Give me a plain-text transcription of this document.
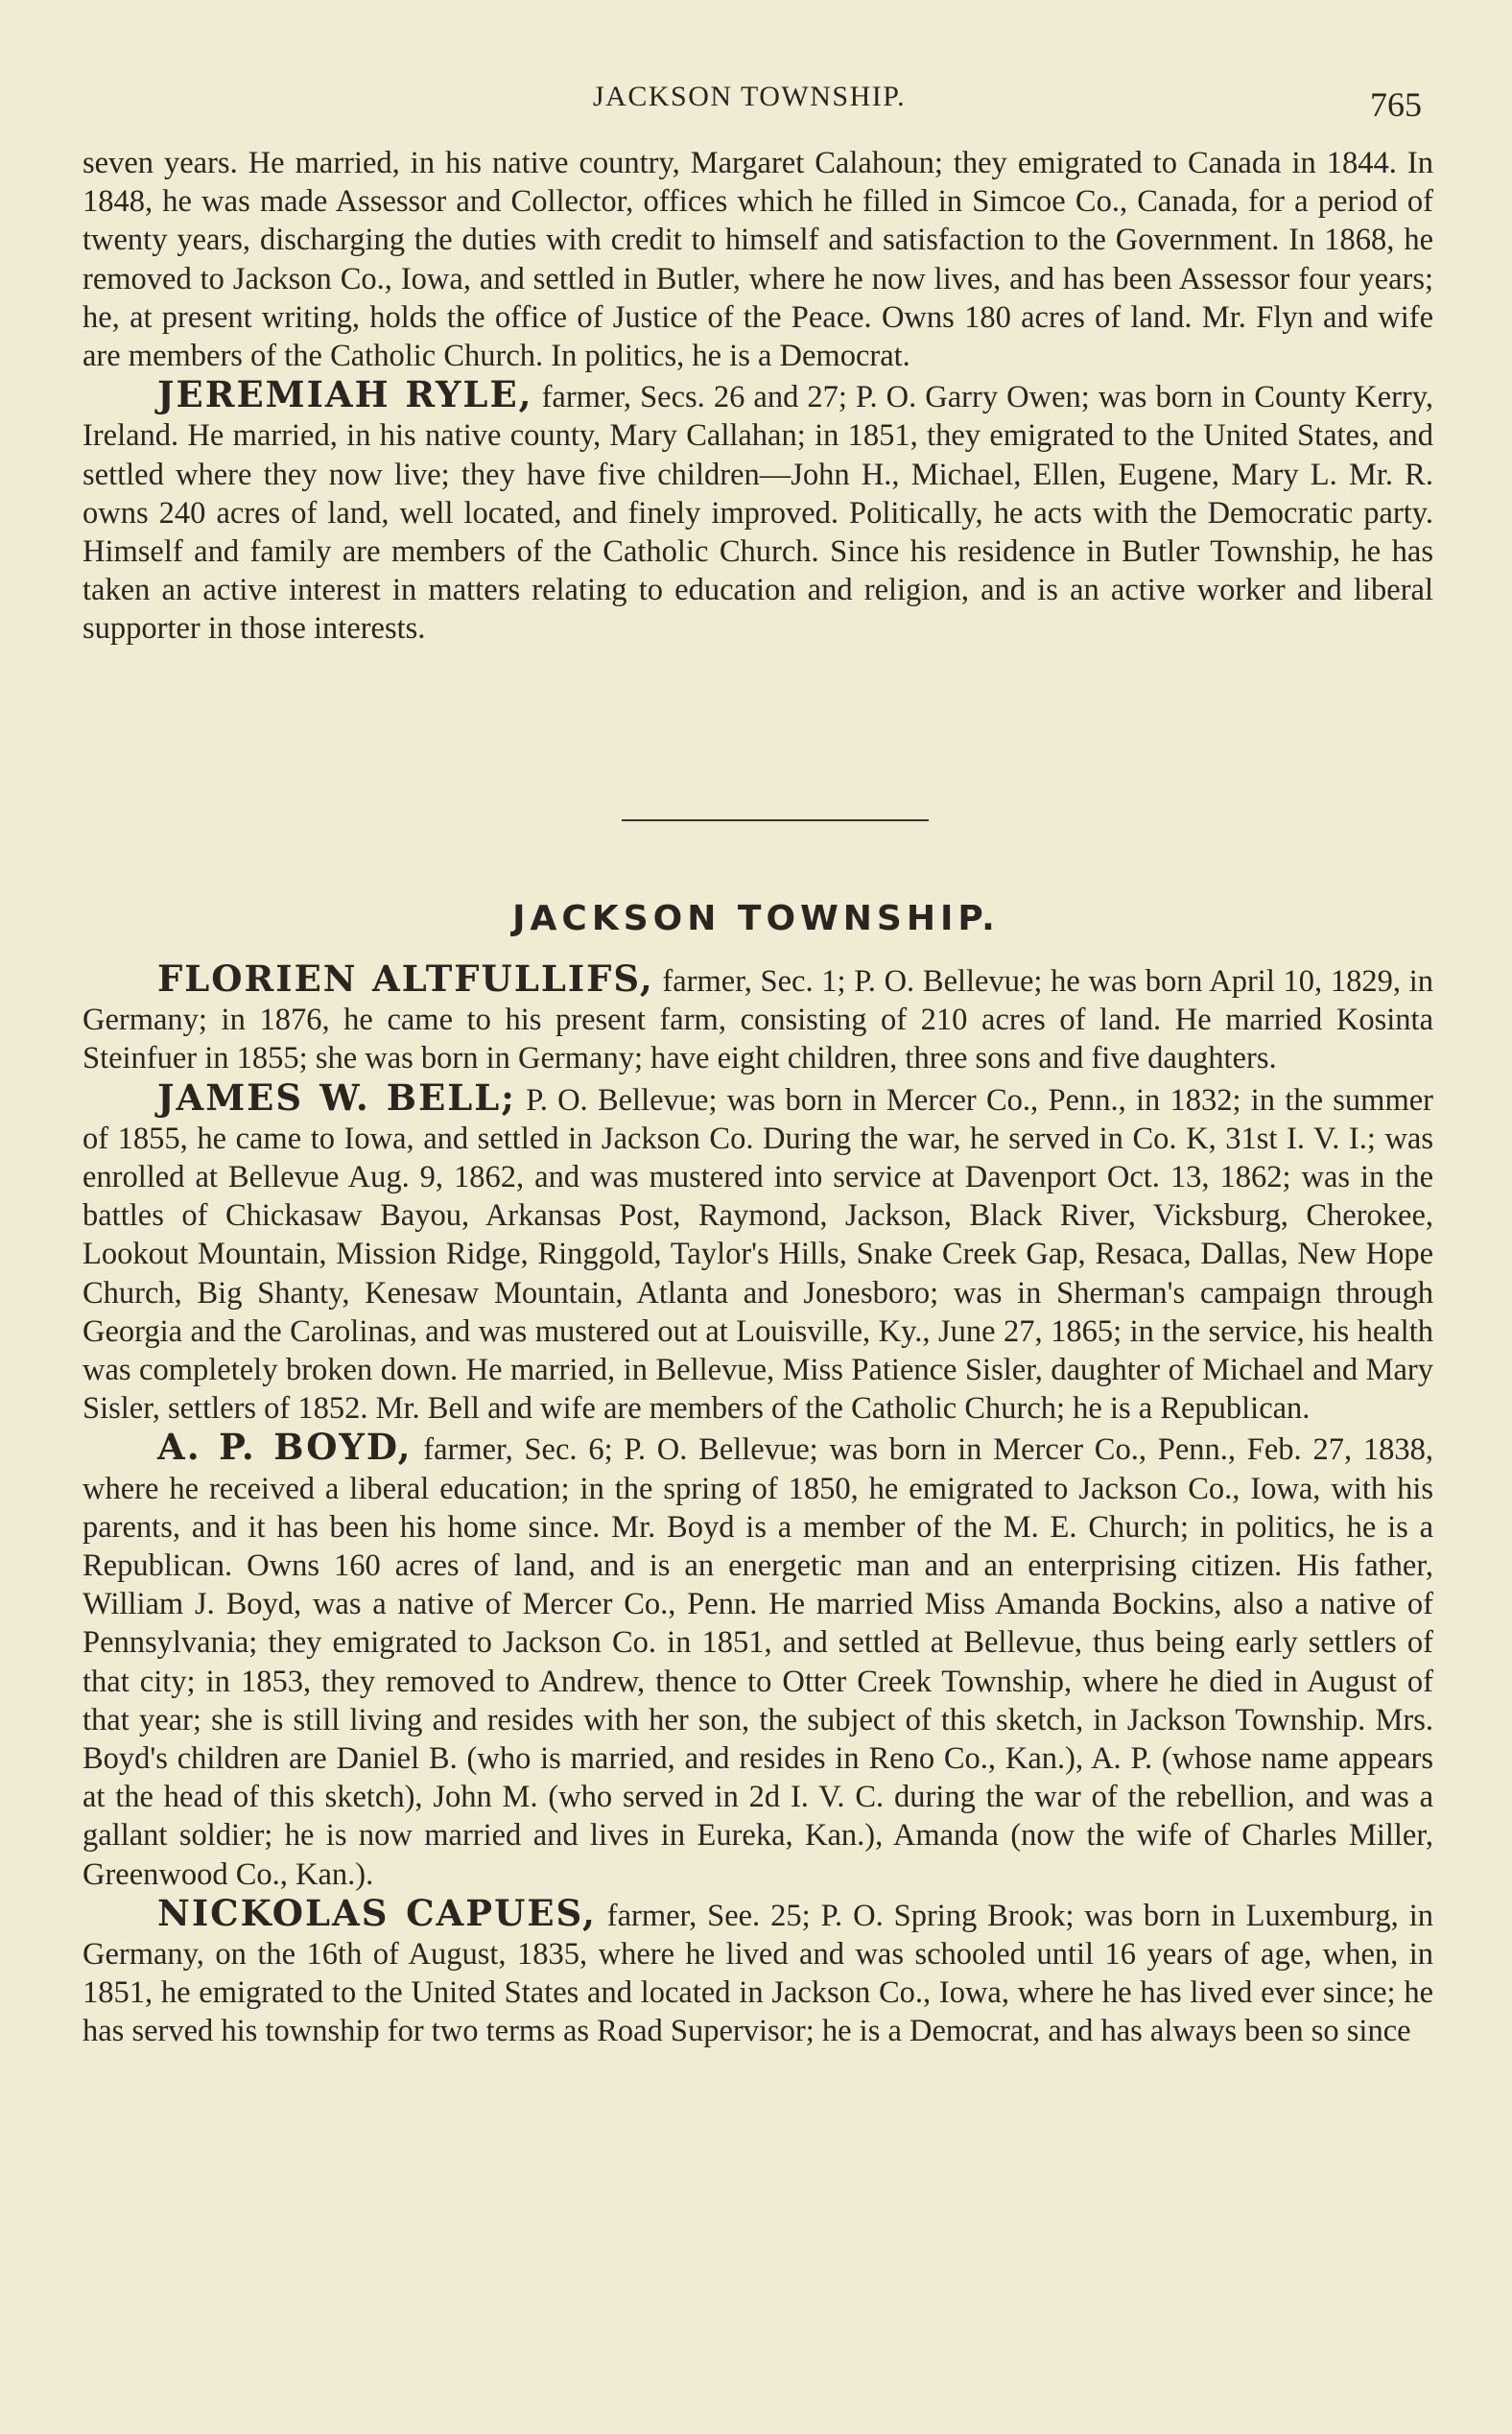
JACKSON TOWNSHIP.	765

seven years. He married, in his native country, Margaret Calahoun; they emigrated to Canada in 1844. In 1848, he was made Assessor and Collector, offices which he filled in Simcoe Co., Canada, for a period of twenty years, discharging the duties with credit to himself and satisfaction to the Government. In 1868, he removed to Jackson Co., Iowa, and settled in Butler, where he now lives, and has been Assessor four years; he, at present writing, holds the office of Justice of the Peace. Owns 180 acres of land. Mr. Flyn and wife are members of the Catholic Church. In politics, he is a Democrat.

JEREMIAH RYLE, farmer, Secs. 26 and 27; P. O. Garry Owen; was born in County Kerry, Ireland. He married, in his native county, Mary Callahan; in 1851, they emigrated to the United States, and settled where they now live; they have five children—John H., Michael, Ellen, Eugene, Mary L. Mr. R. owns 240 acres of land, well located, and finely improved. Politically, he acts with the Democratic party. Himself and family are members of the Catholic Church. Since his residence in Butler Township, he has taken an active interest in matters relating to education and religion, and is an active worker and liberal supporter in those interests.

JACKSON TOWNSHIP.

FLORIEN ALTFULLIFS, farmer, Sec. 1; P. O. Bellevue; he was born April 10, 1829, in Germany; in 1876, he came to his present farm, consisting of 210 acres of land. He married Kosinta Steinfuer in 1855; she was born in Germany; have eight children, three sons and five daughters.

JAMES W. BELL; P. O. Bellevue; was born in Mercer Co., Penn., in 1832; in the summer of 1855, he came to Iowa, and settled in Jackson Co. During the war, he served in Co. K, 31st I. V. I.; was enrolled at Bellevue Aug. 9, 1862, and was mustered into service at Davenport Oct. 13, 1862; was in the battles of Chickasaw Bayou, Arkansas Post, Raymond, Jackson, Black River, Vicksburg, Cherokee, Lookout Mountain, Mission Ridge, Ringgold, Taylor's Hills, Snake Creek Gap, Resaca, Dallas, New Hope Church, Big Shanty, Kenesaw Mountain, Atlanta and Jonesboro; was in Sherman's campaign through Georgia and the Carolinas, and was mustered out at Louisville, Ky., June 27, 1865; in the service, his health was completely broken down. He married, in Bellevue, Miss Patience Sisler, daughter of Michael and Mary Sisler, settlers of 1852. Mr. Bell and wife are members of the Catholic Church; he is a Republican.

A. P. BOYD, farmer, Sec. 6; P. O. Bellevue; was born in Mercer Co., Penn., Feb. 27, 1838, where he received a liberal education; in the spring of 1850, he emigrated to Jackson Co., Iowa, with his parents, and it has been his home since. Mr. Boyd is a member of the M. E. Church; in politics, he is a Republican. Owns 160 acres of land, and is an energetic man and an enterprising citizen. His father, William J. Boyd, was a native of Mercer Co., Penn. He married Miss Amanda Bockins, also a native of Pennsylvania; they emigrated to Jackson Co. in 1851, and settled at Bellevue, thus being early settlers of that city; in 1853, they removed to Andrew, thence to Otter Creek Township, where he died in August of that year; she is still living and resides with her son, the subject of this sketch, in Jackson Township. Mrs. Boyd's children are Daniel B. (who is married, and resides in Reno Co., Kan.), A. P. (whose name appears at the head of this sketch), John M. (who served in 2d I. V. C. during the war of the rebellion, and was a gallant soldier; he is now married and lives in Eureka, Kan.), Amanda (now the wife of Charles Miller, Greenwood Co., Kan.).

NICKOLAS CAPUES, farmer, See. 25; P. O. Spring Brook; was born in Luxemburg, in Germany, on the 16th of August, 1835, where he lived and was schooled until 16 years of age, when, in 1851, he emigrated to the United States and located in Jackson Co., Iowa, where he has lived ever since; he has served his township for two terms as Road Supervisor; he is a Democrat, and has always been so since
